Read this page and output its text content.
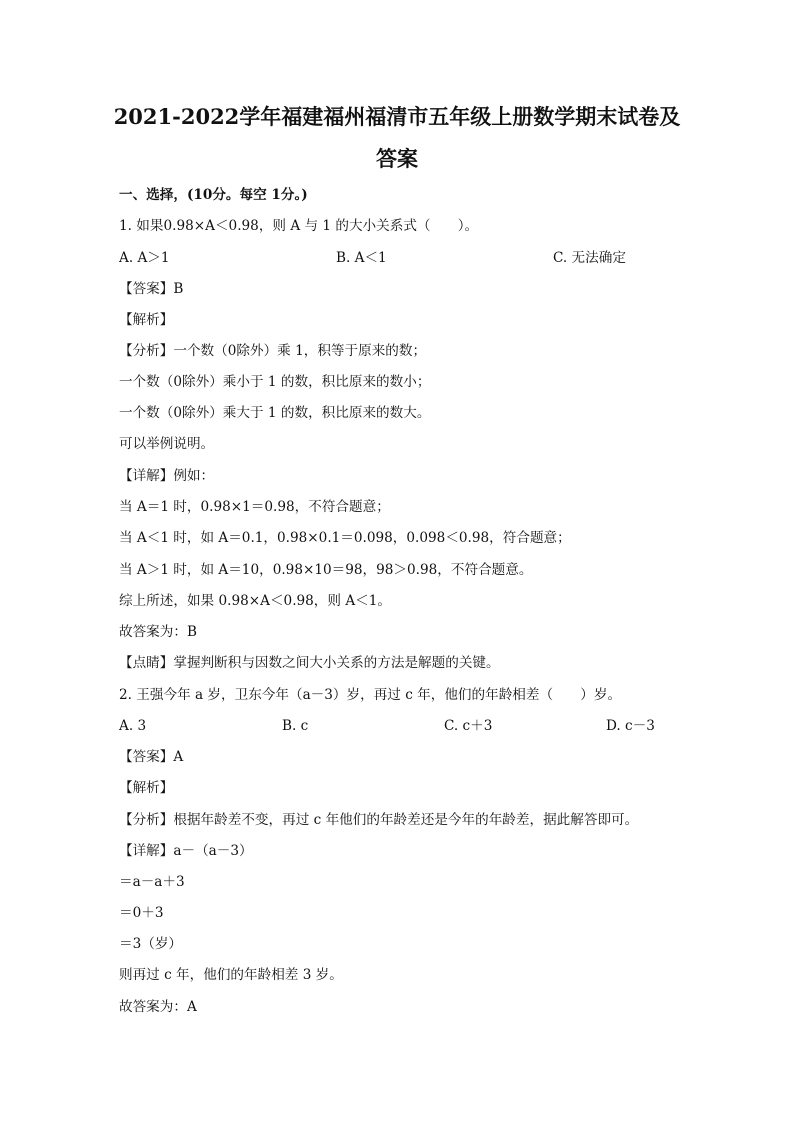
2021-2022学年福建福州福清市五年级上册数学期末试卷及
答案
一、选择，(10分。每空 1分。)
1. 如果0.98×A＜0.98，则 A 与 1 的大小关系式（　　）。
A. A＞1	B. A＜1	C. 无法确定
【答案】B
【解析】
【分析】一个数（0除外）乘 1，积等于原来的数；
一个数（0除外）乘小于 1 的数，积比原来的数小；
一个数（0除外）乘大于 1 的数，积比原来的数大。
可以举例说明。
【详解】例如：
当 A＝1 时，0.98×1＝0.98，不符合题意；
当 A＜1 时，如 A＝0.1，0.98×0.1＝0.098，0.098＜0.98，符合题意；
当 A＞1 时，如 A＝10，0.98×10＝98，98＞0.98，不符合题意。
综上所述，如果 0.98×A＜0.98，则 A＜1。
故答案为：B
【点睛】掌握判断积与因数之间大小关系的方法是解题的关键。
2. 王强今年 a 岁，卫东今年（a－3）岁，再过 c 年，他们的年龄相差（　　）岁。
A. 3	B. c	C. c＋3	D. c－3
【答案】A
【解析】
【分析】根据年龄差不变，再过 c 年他们的年龄差还是今年的年龄差，据此解答即可。
【详解】a－（a－3）
＝a－a＋3
＝0＋3
＝3（岁）
则再过 c 年，他们的年龄相差 3 岁。
故答案为：A
